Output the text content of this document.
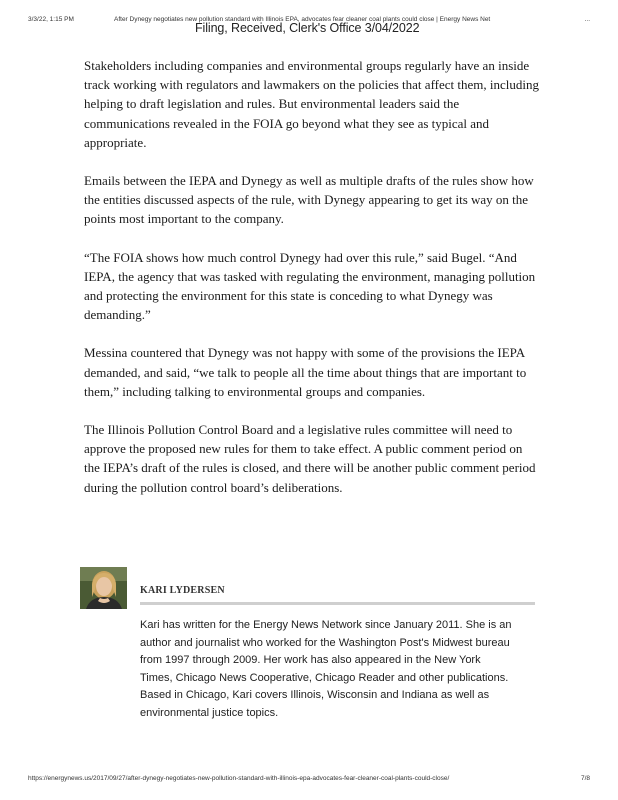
3/3/22, 1:15 PM	After Dynegy negotiates new pollution standard with Illinois EPA, advocates fear cleaner coal plants could close | Energy News Net	...
Filing, Received, Clerk's Office 3/04/2022

Stakeholders including companies and environmental groups regularly have an inside track working with regulators and lawmakers on the policies that affect them, including helping to draft legislation and rules. But environmental leaders said the communications revealed in the FOIA go beyond what they see as typical and appropriate.

Emails between the IEPA and Dynegy as well as multiple drafts of the rules show how the entities discussed aspects of the rule, with Dynegy appearing to get its way on the points most important to the company.

“The FOIA shows how much control Dynegy had over this rule,” said Bugel. “And IEPA, the agency that was tasked with regulating the environment, managing pollution and protecting the environment for this state is conceding to what Dynegy was demanding.”

Messina countered that Dynegy was not happy with some of the provisions the IEPA demanded, and said, “we talk to people all the time about things that are important to them,” including talking to environmental groups and companies.

The Illinois Pollution Control Board and a legislative rules committee will need to approve the proposed new rules for them to take effect. A public comment period on the IEPA’s draft of the rules is closed, and there will be another public comment period during the pollution control board’s deliberations.

KARI LYDERSEN

Kari has written for the Energy News Network since January 2011. She is an author and journalist who worked for the Washington Post's Midwest bureau from 1997 through 2009. Her work has also appeared in the New York Times, Chicago News Cooperative, Chicago Reader and other publications. Based in Chicago, Kari covers Illinois, Wisconsin and Indiana as well as environmental justice topics.

https://energynews.us/2017/09/27/after-dynegy-negotiates-new-pollution-standard-with-illinois-epa-advocates-fear-cleaner-coal-plants-could-close/	7/8
